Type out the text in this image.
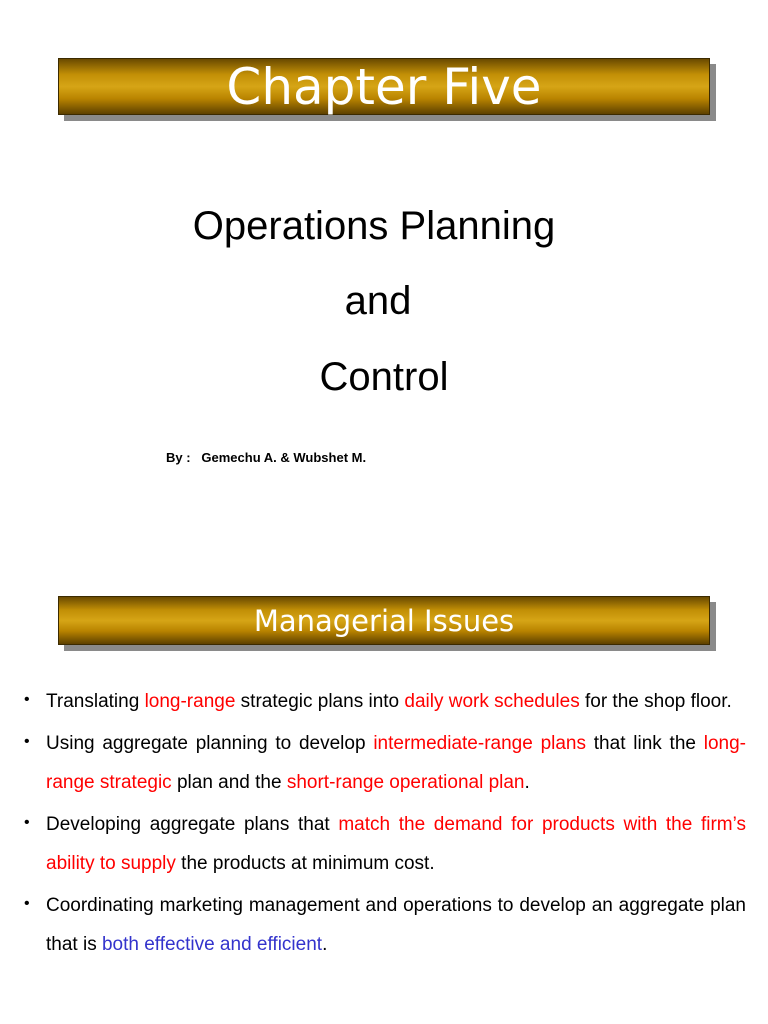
Chapter Five
Operations Planning
and
Control
By : Gemechu A. & Wubshet M.
Managerial Issues
• Translating long-range strategic plans into daily work schedules for the shop floor.
• Using aggregate planning to develop intermediate-range plans that link the long-range strategic plan and the short-range operational plan.
• Developing aggregate plans that match the demand for products with the firm’s ability to supply the products at minimum cost.
• Coordinating marketing management and operations to develop an aggregate plan that is both effective and efficient.
